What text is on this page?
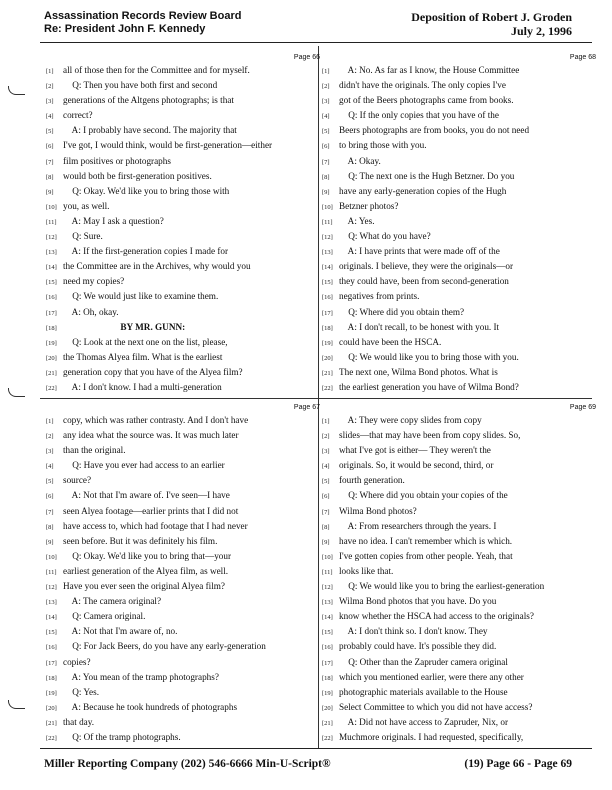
Assassination Records Review Board
Re: President John F. Kennedy
Deposition of Robert J. Groden
July 2, 1996
Page 66
[1] all of those then for the Committee and for myself.
[2]    Q: Then you have both first and second
[3] generations of the Altgens photographs; is that
[4] correct?
[5]    A: I probably have second. The majority that
[6] I've got, I would think, would be first-generation—either
[7] film positives or photographs
[8] would both be first-generation positives.
[9]    Q: Okay. We'd like you to bring those with
[10] you, as well.
[11]    A: May I ask a question?
[12]    Q: Sure.
[13]    A: If the first-generation copies I made for
[14] the Committee are in the Archives, why would you
[15] need my copies?
[16]    Q: We would just like to examine them.
[17]    A: Oh, okay.
[18]                         BY MR. GUNN:
[19]    Q: Look at the next one on the list, please,
[20] the Thomas Alyea film. What is the earliest
[21] generation copy that you have of the Alyea film?
[22]    A: I don't know. I had a multi-generation
Page 68
[1]    A: No. As far as I know, the House Committee
[2] didn't have the originals. The only copies I've
[3] got of the Beers photographs came from books.
[4]    Q: If the only copies that you have of the
[5] Beers photographs are from books, you do not need
[6] to bring those with you.
[7]    A: Okay.
[8]    Q: The next one is the Hugh Betzner. Do you
[9] have any early-generation copies of the Hugh
[10] Betzner photos?
[11]    A: Yes.
[12]    Q: What do you have?
[13]    A: I have prints that were made off of the
[14] originals. I believe, they were the originals—or
[15] they could have, been from second-generation
[16] negatives from prints.
[17]    Q: Where did you obtain them?
[18]    A: I don't recall, to be honest with you. It
[19] could have been the HSCA.
[20]    Q: We would like you to bring those with you.
[21] The next one, Wilma Bond photos. What is
[22] the earliest generation you have of Wilma Bond?
Page 67
[1] copy, which was rather contrasty. And I don't have
[2] any idea what the source was. It was much later
[3] than the original.
[4]    Q: Have you ever had access to an earlier
[5] source?
[6]    A: Not that I'm aware of. I've seen—I have
[7] seen Alyea footage—earlier prints that I did not
[8] have access to, which had footage that I had never
[9] seen before. But it was definitely his film.
[10]    Q: Okay. We'd like you to bring that—your
[11] earliest generation of the Alyea film, as well.
[12] Have you ever seen the original Alyea film?
[13]    A: The camera original?
[14]    Q: Camera original.
[15]    A: Not that I'm aware of, no.
[16]    Q: For Jack Beers, do you have any early-generation
[17] copies?
[18]    A: You mean of the tramp photographs?
[19]    Q: Yes.
[20]    A: Because he took hundreds of photographs
[21] that day.
[22]    Q: Of the tramp photographs.
Page 69
[1]    A: They were copy slides from copy
[2] slides—that may have been from copy slides. So,
[3] what I've got is either— They weren't the
[4] originals. So, it would be second, third, or
[5] fourth generation.
[6]    Q: Where did you obtain your copies of the
[7] Wilma Bond photos?
[8]    A: From researchers through the years. I
[9] have no idea. I can't remember which is which.
[10] I've gotten copies from other people. Yeah, that
[11] looks like that.
[12]    Q: We would like you to bring the earliest-generation
[13] Wilma Bond photos that you have. Do you
[14] know whether the HSCA had access to the originals?
[15]    A: I don't think so. I don't know. They
[16] probably could have. It's possible they did.
[17]    Q: Other than the Zapruder camera original
[18] which you mentioned earlier, were there any other
[19] photographic materials available to the House
[20] Select Committee to which you did not have access?
[21]    A: Did not have access to Zapruder, Nix, or
[22] Muchmore originals. I had requested, specifically,
Miller Reporting Company (202) 546-6666 Min-U-Script®	(19) Page 66 - Page 69
